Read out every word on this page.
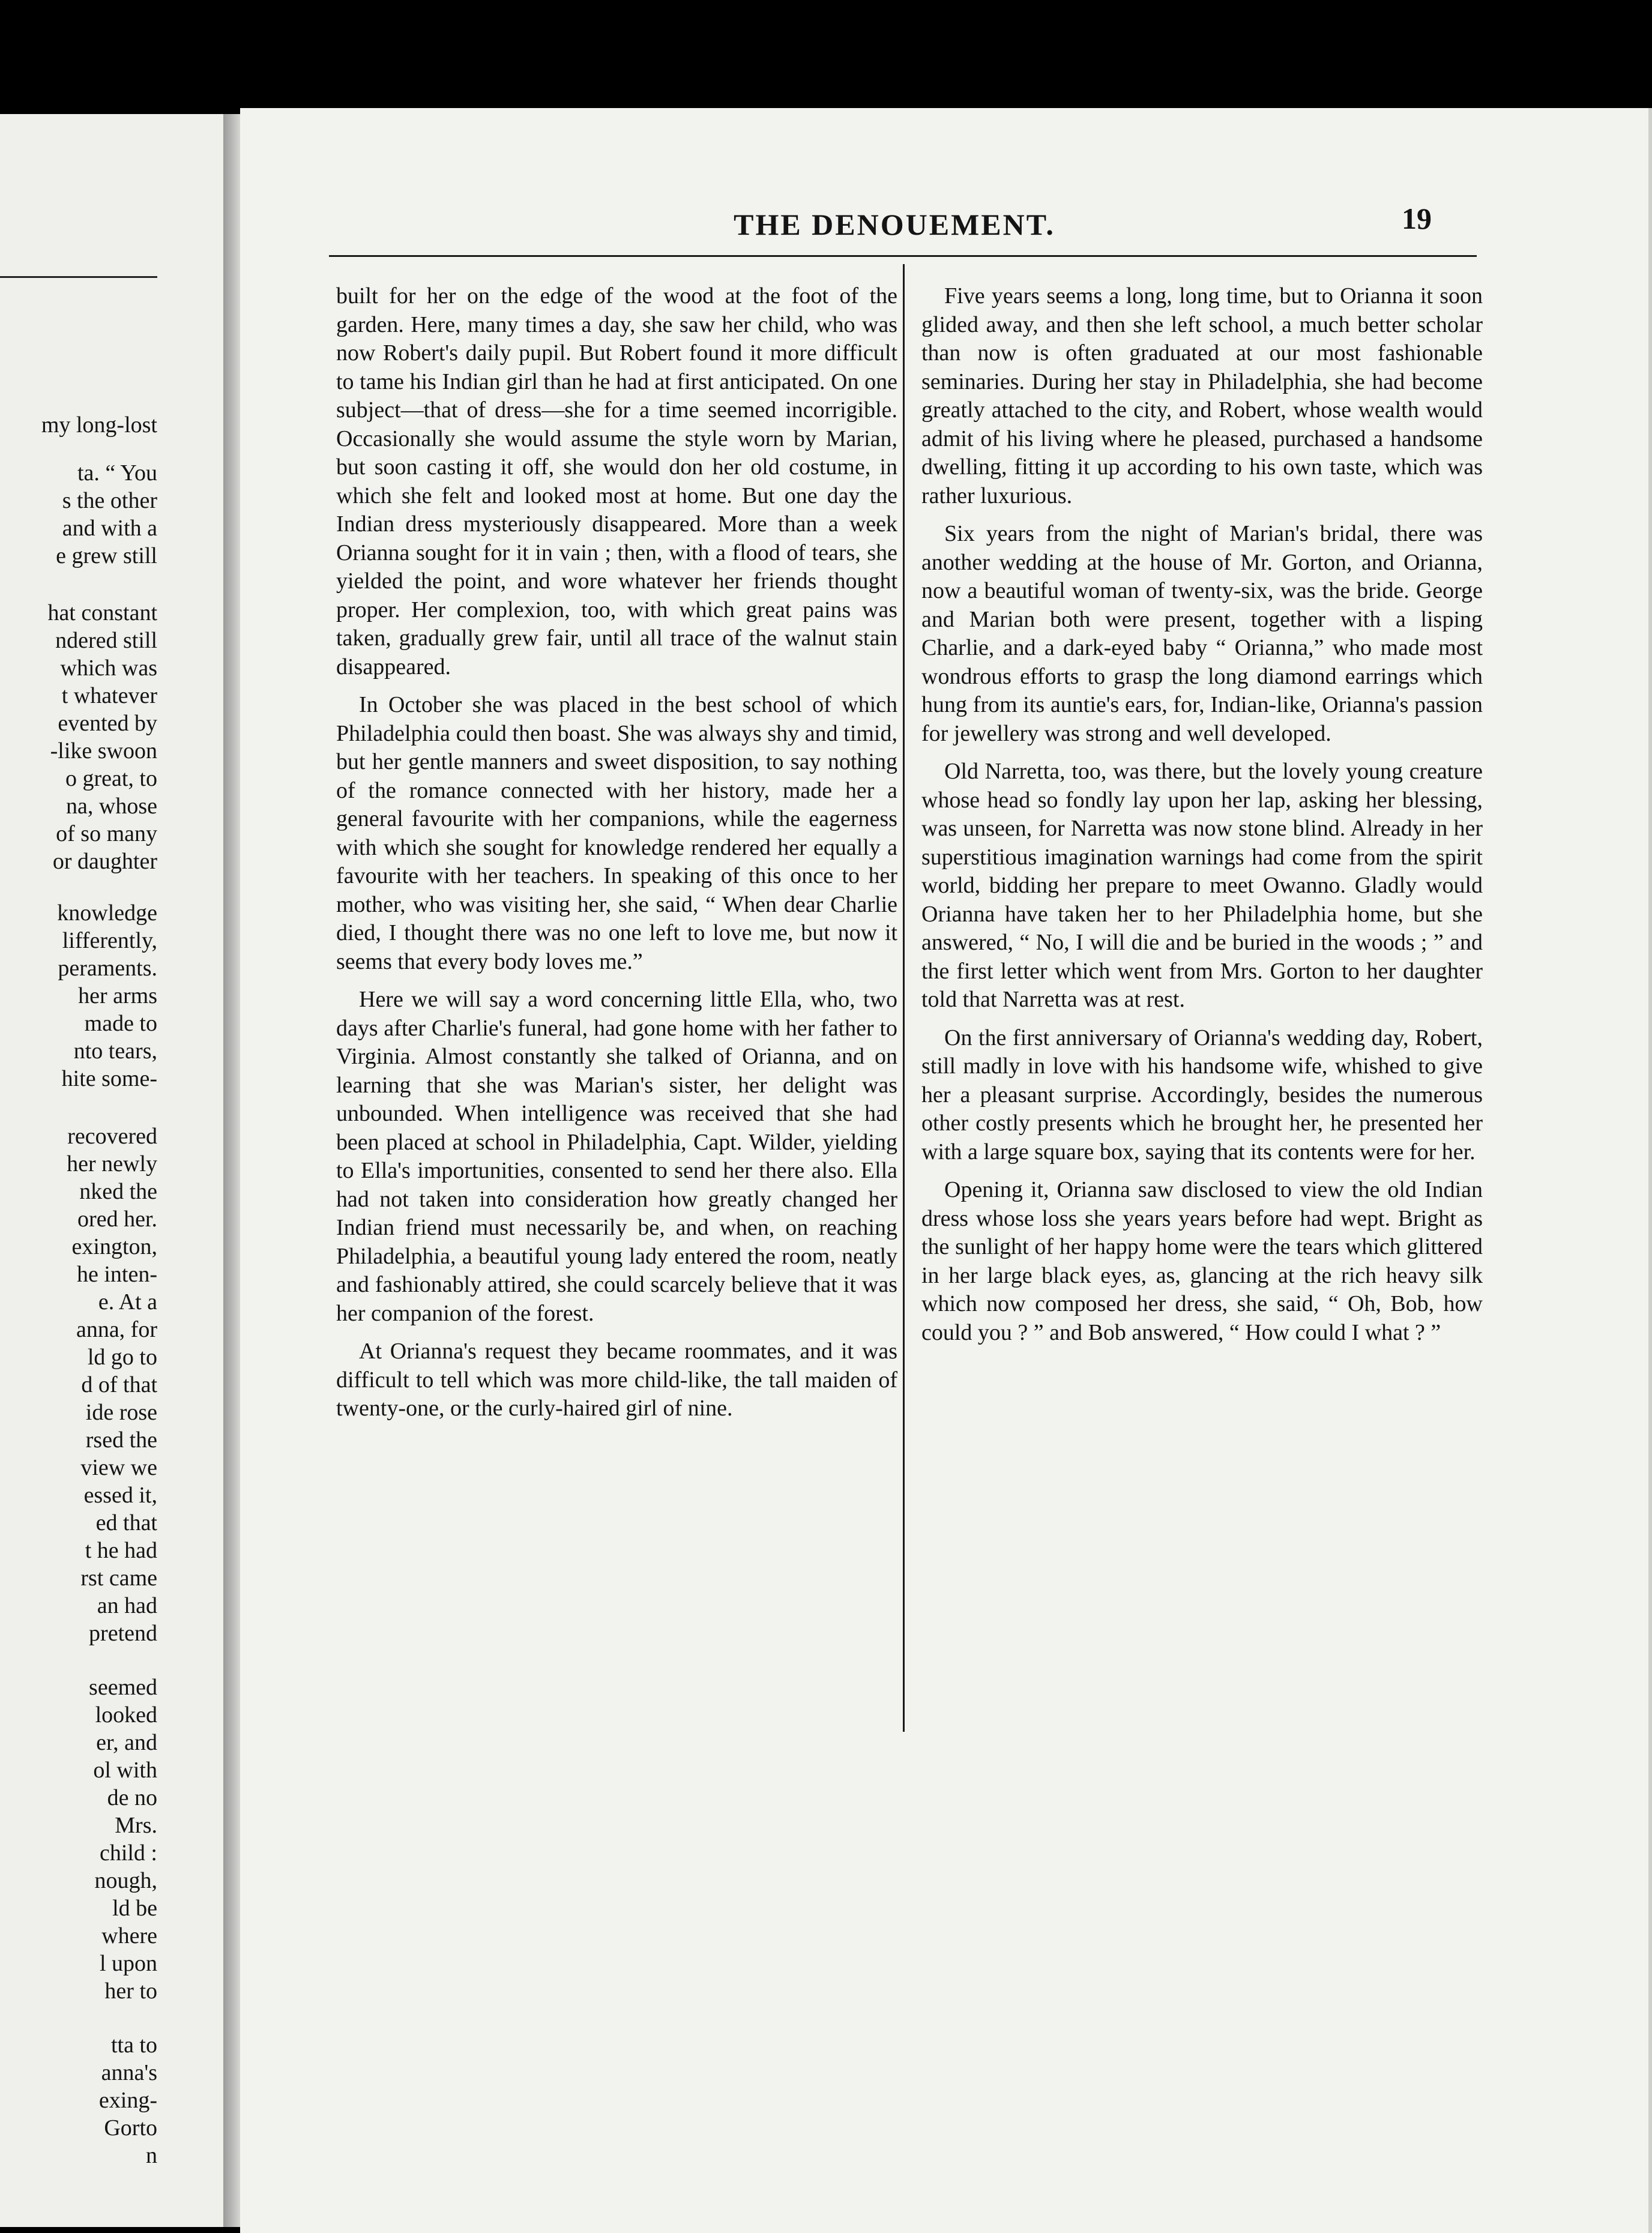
my long-lost
ta. “ You
s the other
and with a
e grew still
hat constant
ndered still
which was
t whatever
evented by
-like swoon
o great, to
na, whose
of so many
or daughter
knowledge
lifferently,
peraments.
her arms
made to
nto tears,
hite some-
recovered
her newly
nked the
ored her.
exington,
he inten-
e. At a
anna, for
ld go to
d of that
ide rose
rsed the
view we
essed it,
ed that
t he had
rst came
an had
pretend
seemed
looked
er, and
ol with
de no
Mrs.
child :
nough,
ld be
where
l upon
her to
tta to
anna's
exing-
Gorto
n
THE DENOUEMENT.	19

built for her on the edge of the wood at the foot of the garden. Here, many times a day, she saw her child, who was now Robert's daily pupil. But Robert found it more difficult to tame his Indian girl than he had at first anticipated. On one subject—that of dress—she for a time seemed incorrigible. Occasionally she would assume the style worn by Marian, but soon casting it off, she would don her old costume, in which she felt and looked most at home. But one day the Indian dress mysteriously disappeared. More than a week Orianna sought for it in vain ; then, with a flood of tears, she yielded the point, and wore whatever her friends thought proper. Her complexion, too, with which great pains was taken, gradually grew fair, until all trace of the walnut stain disappeared.

In October she was placed in the best school of which Philadelphia could then boast. She was always shy and timid, but her gentle manners and sweet disposition, to say nothing of the romance connected with her history, made her a general favourite with her companions, while the eagerness with which she sought for knowledge rendered her equally a favourite with her teachers. In speaking of this once to her mother, who was visiting her, she said, “ When dear Charlie died, I thought there was no one left to love me, but now it seems that every body loves me.”

Here we will say a word concerning little Ella, who, two days after Charlie's funeral, had gone home with her father to Virginia. Almost constantly she talked of Orianna, and on learning that she was Marian's sister, her delight was unbounded. When intelligence was received that she had been placed at school in Philadelphia, Capt. Wilder, yielding to Ella's importunities, consented to send her there also. Ella had not taken into consideration how greatly changed her Indian friend must necessarily be, and when, on reaching Philadelphia, a beautiful young lady entered the room, neatly and fashionably attired, she could scarcely believe that it was her companion of the forest.

At Orianna's request they became roommates, and it was difficult to tell which was more child-like, the tall maiden of twenty-one, or the curly-haired girl of nine.

Five years seems a long, long time, but to Orianna it soon glided away, and then she left school, a much better scholar than now is often graduated at our most fashionable seminaries. During her stay in Philadelphia, she had become greatly attached to the city, and Robert, whose wealth would admit of his living where he pleased, purchased a handsome dwelling, fitting it up according to his own taste, which was rather luxurious.

Six years from the night of Marian's bridal, there was another wedding at the house of Mr. Gorton, and Orianna, now a beautiful woman of twenty-six, was the bride. George and Marian both were present, together with a lisping Charlie, and a dark-eyed baby “ Orianna,” who made most wondrous efforts to grasp the long diamond earrings which hung from its auntie's ears, for, Indian-like, Orianna's passion for jewellery was strong and well developed.

Old Narretta, too, was there, but the lovely young creature whose head so fondly lay upon her lap, asking her blessing, was unseen, for Narretta was now stone blind. Already in her superstitious imagination warnings had come from the spirit world, bidding her prepare to meet Owanno. Gladly would Orianna have taken her to her Philadelphia home, but she answered, “ No, I will die and be buried in the woods ; ” and the first letter which went from Mrs. Gorton to her daughter told that Narretta was at rest.

On the first anniversary of Orianna's wedding day, Robert, still madly in love with his handsome wife, whished to give her a pleasant surprise. Accordingly, besides the numerous other costly presents which he brought her, he presented her with a large square box, saying that its contents were for her.

Opening it, Orianna saw disclosed to view the old Indian dress whose loss she years years before had wept. Bright as the sunlight of her happy home were the tears which glittered in her large black eyes, as, glancing at the rich heavy silk which now composed her dress, she said, “ Oh, Bob, how could you ? ” and Bob answered, “ How could I what ? ”
